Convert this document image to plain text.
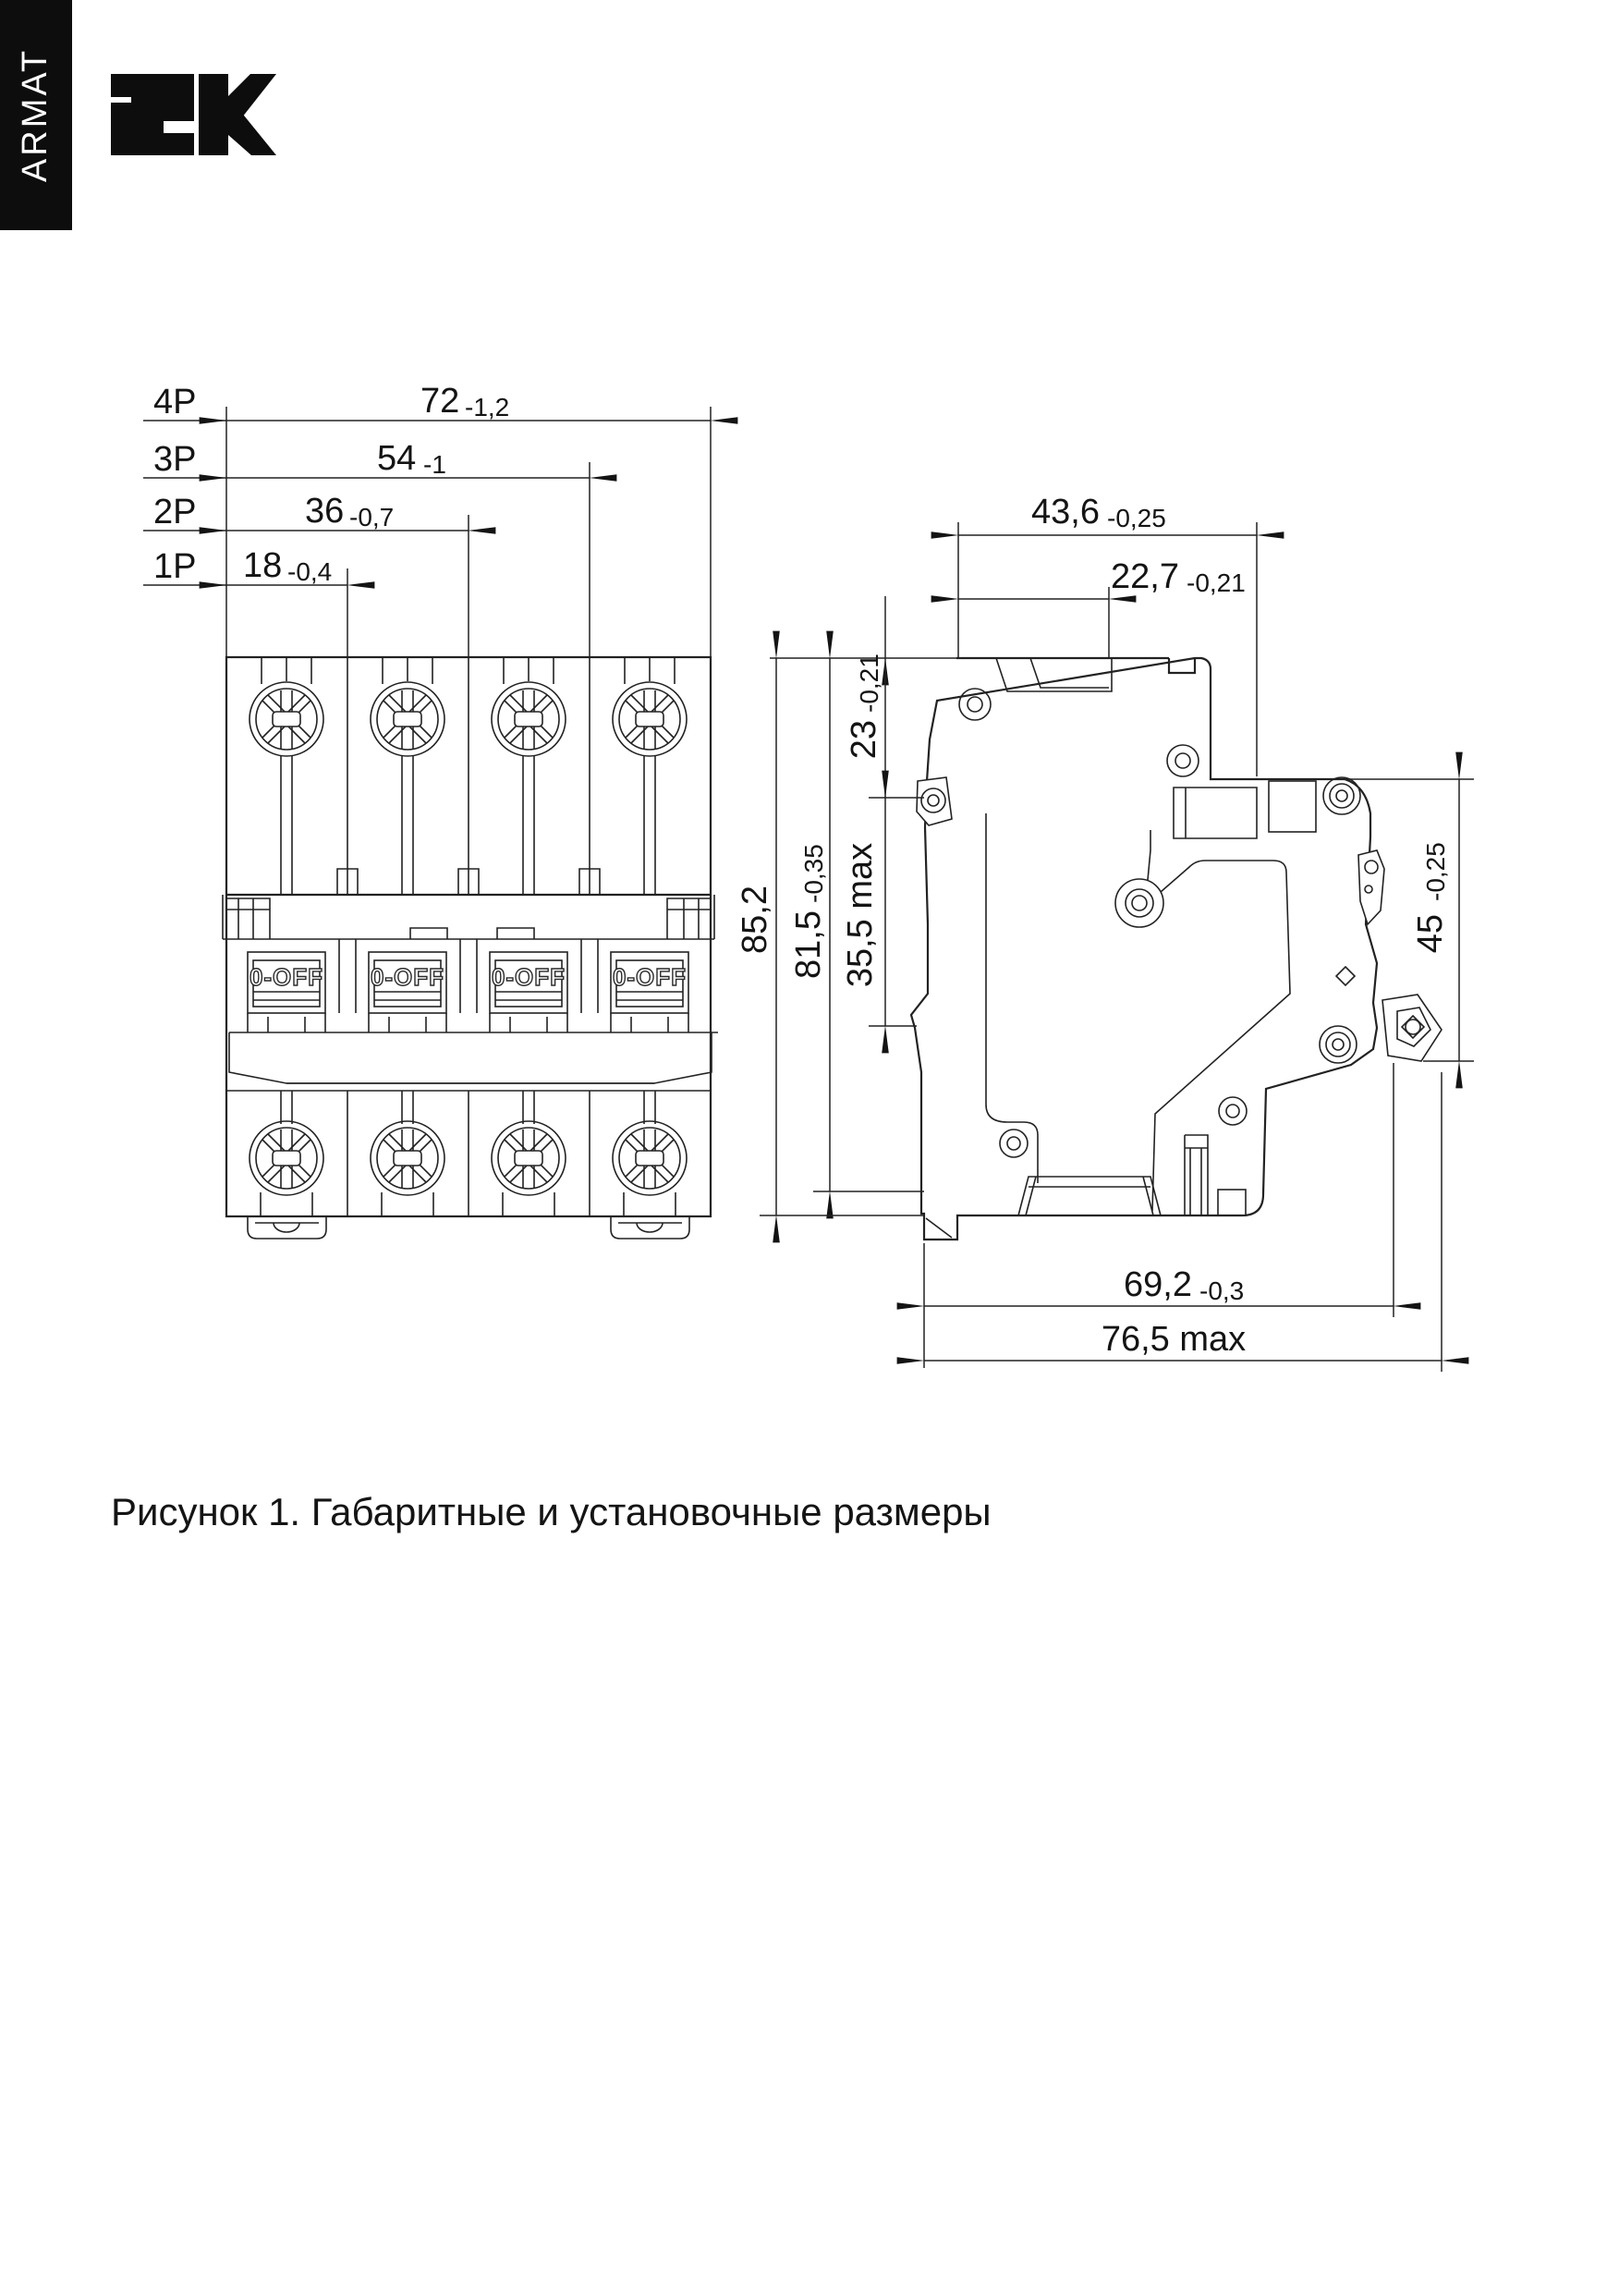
ARMAT
0-OFF 0-OFF 0-OFF 0-OFF
4P
3P
2P
1P
72 -1,2
54 -1
36 -0,7
18 -0,4
43,6 -0,25
22,7 -0,21
23
-0,21
35,5 max
81,5
-0,35
85,2	45
-0,25
69,2 -0,3
76,5 max
Рисунок 1. Габаритные и установочные размеры
